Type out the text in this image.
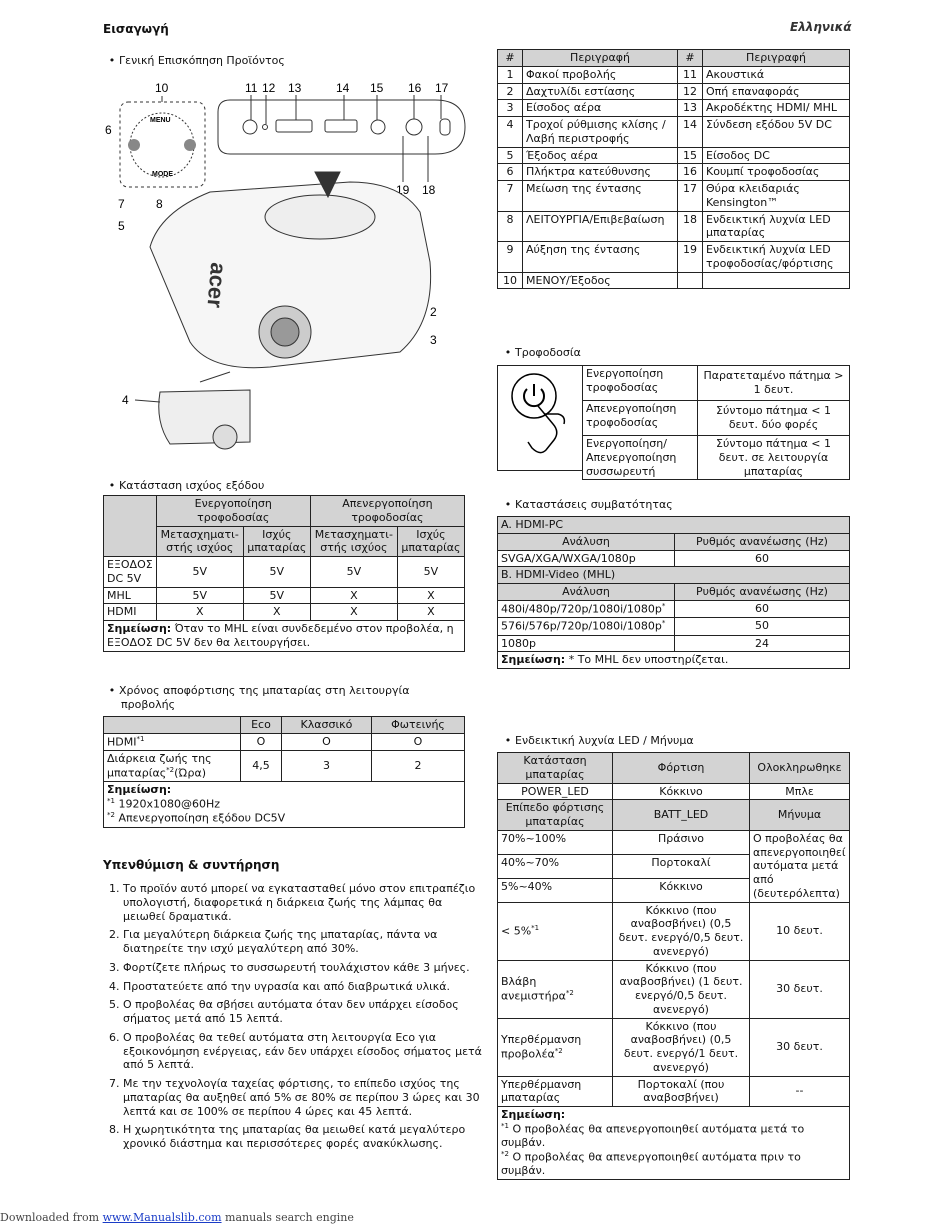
Εισαγωγή	Ελληνικά
• Γενική Επισκόπηση Προϊόντος
10	11 12 13	14 15 16 17
6
7	8
19 18
5
2
3
4
MENU
MODE
acer
#	Περιγραφή	#	Περιγραφή
1	Φακοί προβολής	11	Ακουστικά
2	Δαχτυλίδι εστίασης	12	Οπή επαναφοράς
3	Είσοδος αέρα	13	Ακροδέκτης HDMI/ MHL
4	Τροχοί ρύθμισης κλίσης / Λαβή περιστροφής	14	Σύνδεση εξόδου 5V DC
5	Έξοδος αέρα	15	Είσοδος DC
6	Πλήκτρα κατεύθυνσης	16	Κουμπί τροφοδοσίας
7	Μείωση της έντασης	17	Θύρα κλειδαριάς Kensington™
8	ΛΕΙΤΟΥΡΓΙΑ/Επιβεβαίωση	18	Ενδεικτική λυχνία LED μπαταρίας
9	Αύξηση της έντασης	19	Ενδεικτική λυχνία LED τροφοδοσίας/φόρτισης
10	ΜΕΝΟΥ/Έξοδος		
• Τροφοδοσία
Ενεργοποίηση τροφοδοσίας	Παρατεταμένο πάτημα > 1 δευτ.
Απενεργοποίηση τροφοδοσίας	Σύντομο πάτημα < 1 δευτ. δύο φορές
Ενεργοποίηση/ Απενεργοποίηση συσσωρευτή	Σύντομο πάτημα < 1 δευτ. σε λειτουργία μπαταρίας
• Κατάσταση ισχύος εξόδου
	Ενεργοποίηση τροφοδοσίας		Απενεργοποίηση τροφοδοσίας	
	Μετασχηματι-στής ισχύος	Ισχύς μπαταρίας	Μετασχηματι-στής ισχύος	Ισχύς μπαταρίας
ΕΞΟΔΟΣ DC 5V	5V	5V	5V	5V
MHL	5V	5V	X	X
HDMI	X	X	X	X
Σημείωση: Όταν το MHL είναι συνδεδεμένο στον προβολέα, η ΕΞΟΔΟΣ DC 5V δεν θα λειτουργήσει.				
• Χρόνος αποφόρτισης της μπαταρίας στη λειτουργία προβολής
	Eco	Κλασσικό	Φωτεινής
HDMI$^{*1}$	O	O	O
Διάρκεια ζωής της μπαταρίας$^{*2}$(Ώρα)	4,5	3	2
Σημείωση:
$^{*1}$ 1920x1080@60Hz
$^{*2}$ Απενεργοποίηση εξόδου DC5V			
Υπενθύμιση & συντήρηση
1. Το προϊόν αυτό μπορεί να εγκατασταθεί μόνο στον επιτραπέζιο υπολογιστή, διαφορετικά η διάρκεια ζωής της λάμπας θα μειωθεί δραματικά.
2. Για μεγαλύτερη διάρκεια ζωής της μπαταρίας, πάντα να διατηρείτε την ισχύ μεγαλύτερη από 30%.
3. Φορτίζετε πλήρως το συσσωρευτή τουλάχιστον κάθε 3 μήνες.
4. Προστατεύετε από την υγρασία και από διαβρωτικά υλικά.
5. Ο προβολέας θα σβήσει αυτόματα όταν δεν υπάρχει είσοδος σήματος μετά από 15 λεπτά.
6. Ο προβολέας θα τεθεί αυτόματα στη λειτουργία Eco για εξοικονόμηση ενέργειας, εάν δεν υπάρχει είσοδος σήματος μετά από 5 λεπτά.
7. Με την τεχνολογία ταχείας φόρτισης, το επίπεδο ισχύος της μπαταρίας θα αυξηθεί από 5% σε 80% σε περίπου 3 ώρες και 30 λεπτά και σε 100% σε περίπου 4 ώρες και 45 λεπτά.
8. Η χωρητικότητα της μπαταρίας θα μειωθεί κατά μεγαλύτερο χρονικό διάστημα και περισσότερες φορές ανακύκλωσης.
• Καταστάσεις συμβατότητας
A. HDMI-PC	
Ανάλυση	Ρυθμός ανανέωσης (Hz)
SVGA/XGA/WXGA/1080p	60
B. HDMI-Video (MHL)	
Ανάλυση	Ρυθμός ανανέωσης (Hz)
480i/480p/720p/1080i/1080p*	60
576i/576p/720p/1080i/1080p*	50
1080p	24
Σημείωση: * Το MHL δεν υποστηρίζεται.	
• Ενδεικτική λυχνία LED / Μήνυμα
Κατάσταση μπαταρίας	Φόρτιση	Ολοκληρωθηκε
POWER_LED	Κόκκινο	Μπλε
Επίπεδο φόρτισης μπαταρίας	BATT_LED	Μήνυμα
70%~100%	Πράσινο	Ο προβολέας θα απενεργοποιηθεί αυτόματα μετά από (δευτερόλεπτα)
40%~70%	Πορτοκαλί	
5%~40%	Κόκκινο	
< 5%$^{*1}$	Κόκκινο (που αναβοσβήνει) (0,5 δευτ. ενεργό/0,5 δευτ. ανενεργό)	10 δευτ.
Βλάβη ανεμιστήρα$^{*2}$	Κόκκινο (που αναβοσβήνει) (1 δευτ. ενεργό/0,5 δευτ. ανενεργό)	30 δευτ.
Υπερθέρμανση προβολέα$^{*2}$	Κόκκινο (που αναβοσβήνει) (0,5 δευτ. ενεργό/1 δευτ. ανενεργό)	30 δευτ.
Υπερθέρμανση μπαταρίας	Πορτοκαλί (που αναβοσβήνει)	--
Σημείωση:
$^{*1}$ Ο προβολέας θα απενεργοποιηθεί αυτόματα μετά το συμβάν.
$^{*2}$ Ο προβολέας θα απενεργοποιηθεί αυτόματα πριν το συμβάν.		
Downloaded from www.Manualslib.com manuals search engine
